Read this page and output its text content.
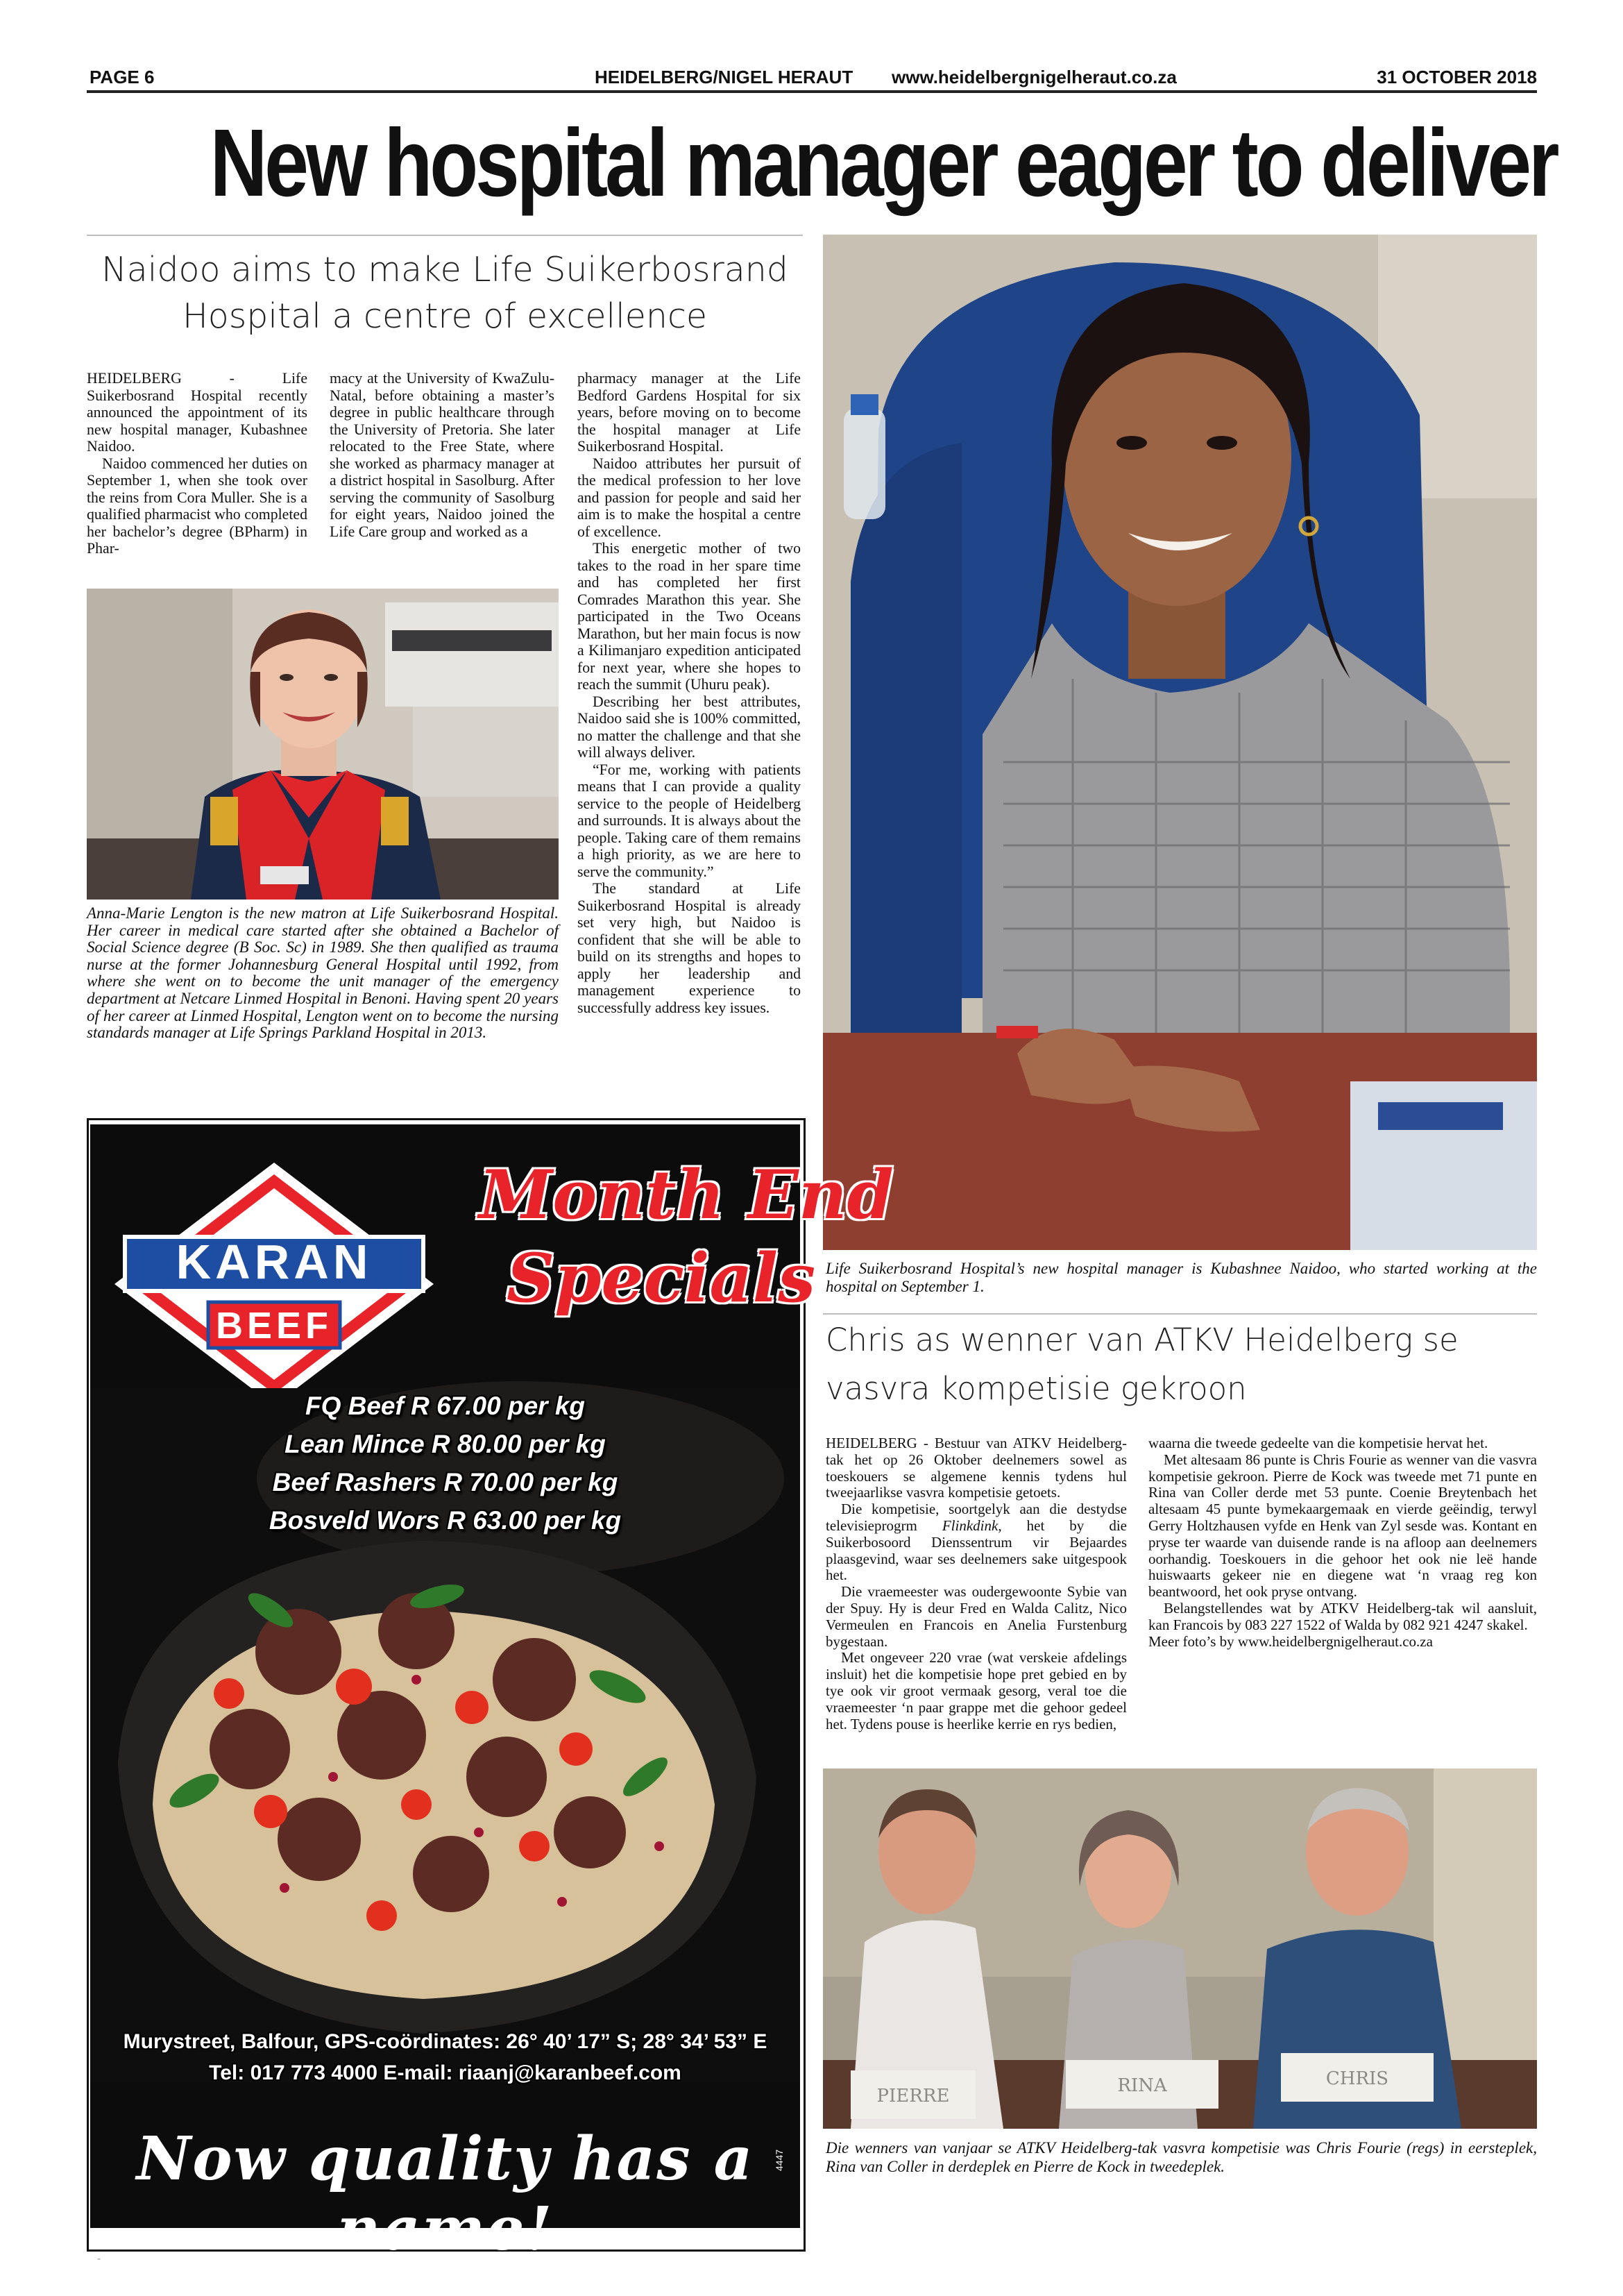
PAGE 6	HEIDELBERG/NIGEL HERAUT www.heidelbergnigelheraut.co.za	31 OCTOBER 2018
New hospital manager eager to deliver
Naidoo aims to make Life Suikerbosrand Hospital a centre of excellence

HEIDELBERG - Life Suikerbosrand Hospital recently announced the appointment of its new hospital manager, Kubashnee Naidoo.

Naidoo commenced her duties on September 1, when she took over the reins from Cora Muller. She is a qualified pharmacist who completed her bachelor’s degree (BPharm) in Phar-

macy at the University of KwaZulu-Natal, before obtaining a master’s degree in public healthcare through the University of Pretoria. She later relocated to the Free State, where she worked as pharmacy manager at a district hospital in Sasolburg. After serving the community of Sasolburg for eight years, Naidoo joined the Life Care group and worked as a

pharmacy manager at the Life Bedford Gardens Hospital for six years, before moving on to become the hospital manager at Life Suikerbosrand Hospital.

Naidoo attributes her pursuit of the medical profession to her love and passion for people and said her aim is to make the hospital a centre of excellence.

This energetic mother of two takes to the road in her spare time and has completed her first Comrades Marathon this year. She participated in the Two Oceans Marathon, but her main focus is now a Kilimanjaro expedition anticipated for next year, where she hopes to reach the summit (Uhuru peak).

Describing her best attributes, Naidoo said she is 100% committed, no matter the challenge and that she will always deliver.

“For me, working with patients means that I can provide a quality service to the people of Heidelberg and surrounds. It is always about the people. Taking care of them remains a high priority, as we are here to serve the community.”

The standard at Life Suikerbosrand Hospital is already set very high, but Naidoo is confident that she will be able to build on its strengths and hopes to apply her leadership and management experience to successfully address key issues.

Anna-Marie Lengton is the new matron at Life Suikerbosrand Hospital. Her career in medical care started after she obtained a Bachelor of Social Science degree (B Soc. Sc) in 1989. She then qualified as trauma nurse at the former Johannesburg General Hospital until 1992, from where she went on to become the unit manager of the emergency department at Netcare Linmed Hospital in Benoni. Having spent 20 years of her career at Linmed Hospital, Lengton went on to become the nursing standards manager at Life Springs Parkland Hospital in 2013.
Life Suikerbosrand Hospital’s new hospital manager is Kubashnee Naidoo, who started working at the hospital on September 1.
Chris as wenner van ATKV Heidelberg se vasvra kompetisie gekroon

HEIDELBERG - Bestuur van ATKV Heidelberg-tak het op 26 Oktober deelnemers sowel as toeskouers se algemene kennis tydens hul tweejaarlikse vasvra kompetisie getoets.

Die kompetisie, soortgelyk aan die destydse televisieprogrm Flinkdink, het by die Suikerbosoord Dienssentrum vir Bejaardes plaasgevind, waar ses deelnemers sake uitgespook het.

Die vraemeester was oudergewoonte Sybie van der Spuy. Hy is deur Fred en Walda Calitz, Nico Vermeulen en Francois en Anelia Furstenburg bygestaan.

Met ongeveer 220 vrae (wat verskeie afdelings insluit) het die kompetisie hope pret gebied en by tye ook vir groot vermaak gesorg, veral toe die vraemeester ‘n paar grappe met die gehoor gedeel het. Tydens pouse is heerlike kerrie en rys bedien,

waarna die tweede gedeelte van die kompetisie hervat het.

Met altesaam 86 punte is Chris Fourie as wenner van die vasvra kompetisie gekroon. Pierre de Kock was tweede met 71 punte en Rina van Coller derde met 53 punte. Coenie Breytenbach het altesaam 45 punte bymekaargemaak en vierde geëindig, terwyl Gerry Holtzhausen vyfde en Henk van Zyl sesde was. Kontant en pryse ter waarde van duisende rande is na afloop aan deelnemers oorhandig. Toeskouers in die gehoor het ook nie leë hande huiswaarts gekeer nie en diegene wat ‘n vraag reg kon beantwoord, het ook pryse ontvang.

Belangstellendes wat by ATKV Heidelberg-tak wil aansluit, kan Francois by 083 227 1522 of Walda by 082 921 4247 skakel.

Meer foto’s by www.heidelbergnigelheraut.co.za

PIERRE	RINA	CHRIS
Die wenners van vanjaar se ATKV Heidelberg-tak vasvra kompetisie was Chris Fourie (regs) in eersteplek, Rina van Coller in derdeplek en Pierre de Kock in tweedeplek.
KARAN
BEEF
Month End
Specials
FQ Beef R 67.00 per kg
Lean Mince R 80.00 per kg
Beef Rashers R 70.00 per kg
Bosveld Wors R 63.00 per kg
Murystreet, Balfour, GPS-coördinates: 26° 40’ 17” S; 28° 34’ 53” E
Tel: 017 773 4000 E-mail: riaanj@karanbeef.com
Now quality has a name!
4447
-
